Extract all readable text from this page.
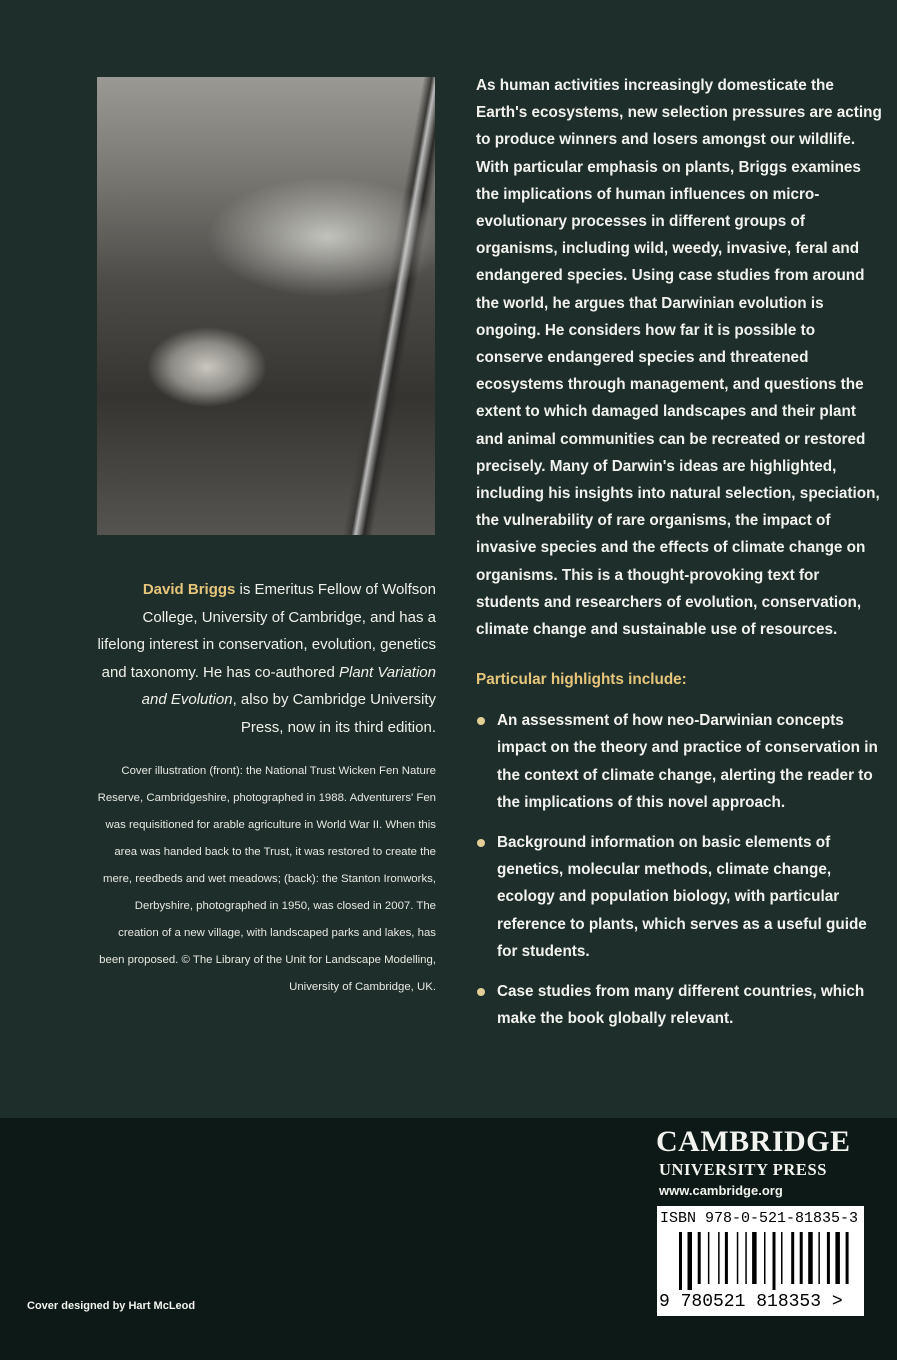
David Briggs is Emeritus Fellow of Wolfson College, University of Cambridge, and has a lifelong interest in conservation, evolution, genetics and taxonomy. He has co-authored Plant Variation and Evolution, also by Cambridge University Press, now in its third edition.
Cover illustration (front): the National Trust Wicken Fen Nature Reserve, Cambridgeshire, photographed in 1988. Adventurers' Fen was requisitioned for arable agriculture in World War II. When this area was handed back to the Trust, it was restored to create the mere, reedbeds and wet meadows; (back): the Stanton Ironworks, Derbyshire, photographed in 1950, was closed in 2007. The creation of a new village, with landscaped parks and lakes, has been proposed. © The Library of the Unit for Landscape Modelling, University of Cambridge, UK.
As human activities increasingly domesticate the Earth's ecosystems, new selection pressures are acting to produce winners and losers amongst our wildlife. With particular emphasis on plants, Briggs examines the implications of human influences on micro-evolutionary processes in different groups of organisms, including wild, weedy, invasive, feral and endangered species. Using case studies from around the world, he argues that Darwinian evolution is ongoing. He considers how far it is possible to conserve endangered species and threatened ecosystems through management, and questions the extent to which damaged landscapes and their plant and animal communities can be recreated or restored precisely. Many of Darwin's ideas are highlighted, including his insights into natural selection, speciation, the vulnerability of rare organisms, the impact of invasive species and the effects of climate change on organisms. This is a thought-provoking text for students and researchers of evolution, conservation, climate change and sustainable use of resources.
Particular highlights include:
An assessment of how neo-Darwinian concepts impact on the theory and practice of conservation in the context of climate change, alerting the reader to the implications of this novel approach.
Background information on basic elements of genetics, molecular methods, climate change, ecology and population biology, with particular reference to plants, which serves as a useful guide for students.
Case studies from many different countries, which make the book globally relevant.
Cover designed by Hart McLeod
CAMBRIDGE
UNIVERSITY PRESS
www.cambridge.org
ISBN 978-0-521-81835-3
9 780521 818353 >
